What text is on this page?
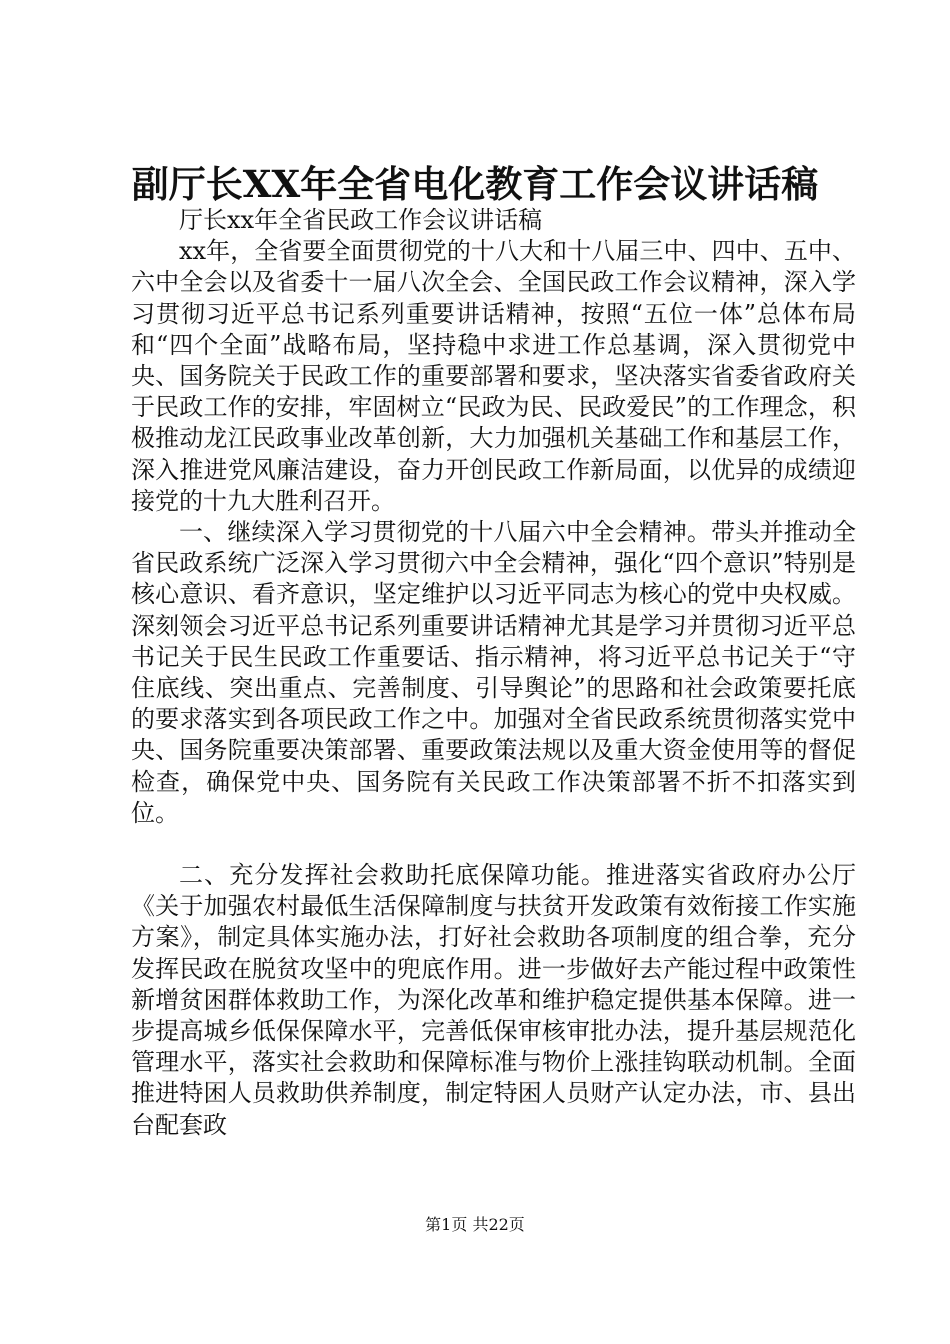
副厅长XX年全省电化教育工作会议讲话稿

厅长xx年全省民政工作会议讲话稿

xx年，全省要全面贯彻党的十八大和十八届三中、四中、五中、六中全会以及省委十一届八次全会、全国民政工作会议精神，深入学习贯彻习近平总书记系列重要讲话精神，按照“五位一体”总体布局和“四个全面”战略布局，坚持稳中求进工作总基调，深入贯彻党中央、国务院关于民政工作的重要部署和要求，坚决落实省委省政府关于民政工作的安排，牢固树立“民政为民、民政爱民”的工作理念，积极推动龙江民政事业改革创新，大力加强机关基础工作和基层工作，深入推进党风廉洁建设，奋力开创民政工作新局面，以优异的成绩迎接党的十九大胜利召开。

一、继续深入学习贯彻党的十八届六中全会精神。带头并推动全省民政系统广泛深入学习贯彻六中全会精神，强化“四个意识”特别是核心意识、看齐意识，坚定维护以习近平同志为核心的党中央权威。深刻领会习近平总书记系列重要讲话精神尤其是学习并贯彻习近平总书记关于民生民政工作重要话、指示精神，将习近平总书记关于“守住底线、突出重点、完善制度、引导舆论”的思路和社会政策要托底的要求落实到各项民政工作之中。加强对全省民政系统贯彻落实党中央、国务院重要决策部署、重要政策法规以及重大资金使用等的督促检查，确保党中央、国务院有关民政工作决策部署不折不扣落实到位。

二、充分发挥社会救助托底保障功能。推进落实省政府办公厅《关于加强农村最低生活保障制度与扶贫开发政策有效衔接工作实施方案》，制定具体实施办法，打好社会救助各项制度的组合拳，充分发挥民政在脱贫攻坚中的兜底作用。进一步做好去产能过程中政策性新增贫困群体救助工作，为深化改革和维护稳定提供基本保障。进一步提高城乡低保保障水平，完善低保审核审批办法，提升基层规范化管理水平，落实社会救助和保障标准与物价上涨挂钩联动机制。全面推进特困人员救助供养制度，制定特困人员财产认定办法，市、县出台配套政

第1页 共22页
